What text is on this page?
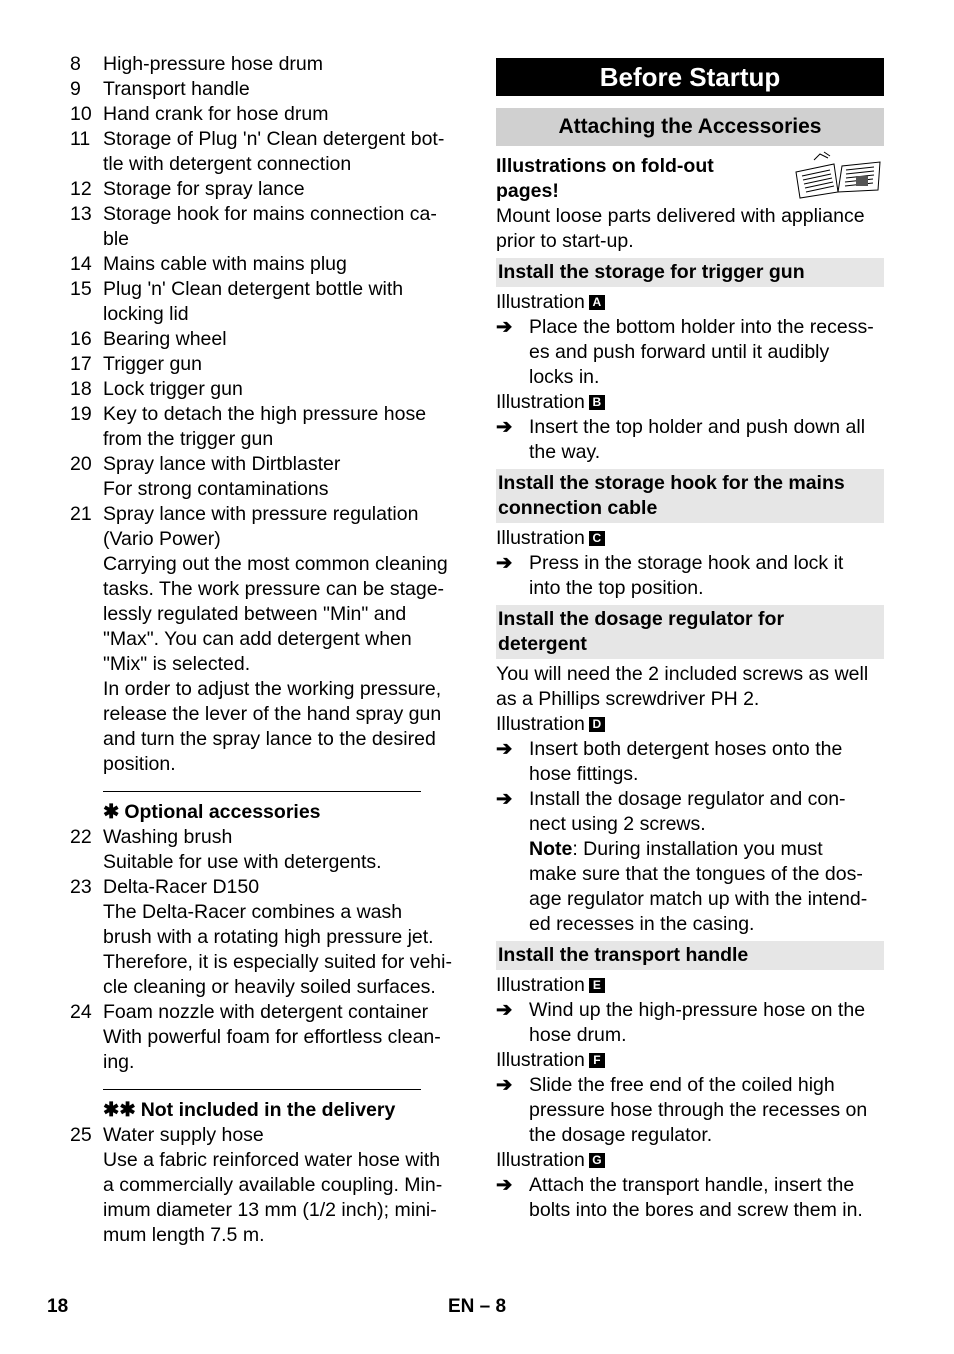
8	High-pressure hose drum
9	Transport handle
10 Hand crank for hose drum
11 Storage of Plug 'n' Clean detergent bot-
tle with detergent connection
12 Storage for spray lance
13 Storage hook for mains connection ca-
ble
14 Mains cable with mains plug
15 Plug 'n' Clean detergent bottle with
locking lid
16 Bearing wheel
17 Trigger gun
18 Lock trigger gun
19 Key to detach the high pressure hose
from the trigger gun
20 Spray lance with Dirtblaster
For strong contaminations
21 Spray lance with pressure regulation
(Vario Power)
Carrying out the most common cleaning
tasks. The work pressure can be stage-
lessly regulated between "Min" and
"Max". You can add detergent when
"Mix" is selected.
In order to adjust the working pressure,
release the lever of the hand spray gun
and turn the spray lance to the desired
position.
✱ Optional accessories
22 Washing brush
Suitable for use with detergents.
23 Delta-Racer D150
The Delta-Racer combines a wash
brush with a rotating high pressure jet.
Therefore, it is especially suited for vehi-
cle cleaning or heavily soiled surfaces.
24 Foam nozzle with detergent container
With powerful foam for effortless clean-
ing.
✱✱ Not included in the delivery
25 Water supply hose
Use a fabric reinforced water hose with
a commercially available coupling. Min-
imum diameter 13 mm (1/2 inch); mini-
mum length 7.5 m.
Before Startup
Attaching the Accessories
Illustrations on fold-out
pages!
Mount loose parts delivered with appliance
prior to start-up.
Install the storage for trigger gun
Illustration A
➔ Place the bottom holder into the recess-
es and push forward until it audibly
locks in.
Illustration B
➔ Insert the top holder and push down all
the way.
Install the storage hook for the mains
connection cable
Illustration C
➔ Press in the storage hook and lock it
into the top position.
Install the dosage regulator for
detergent
You will need the 2 included screws as well
as a Phillips screwdriver PH 2.
Illustration D
➔ Insert both detergent hoses onto the
hose fittings.
➔ Install the dosage regulator and con-
nect using 2 screws.
Note: During installation you must
make sure that the tongues of the dos-
age regulator match up with the intend-
ed recesses in the casing.
Install the transport handle
Illustration E
➔ Wind up the high-pressure hose on the
hose drum.
Illustration F
➔ Slide the free end of the coiled high
pressure hose through the recesses on
the dosage regulator.
Illustration G
➔ Attach the transport handle, insert the
bolts into the bores and screw them in.
18	EN – 8
